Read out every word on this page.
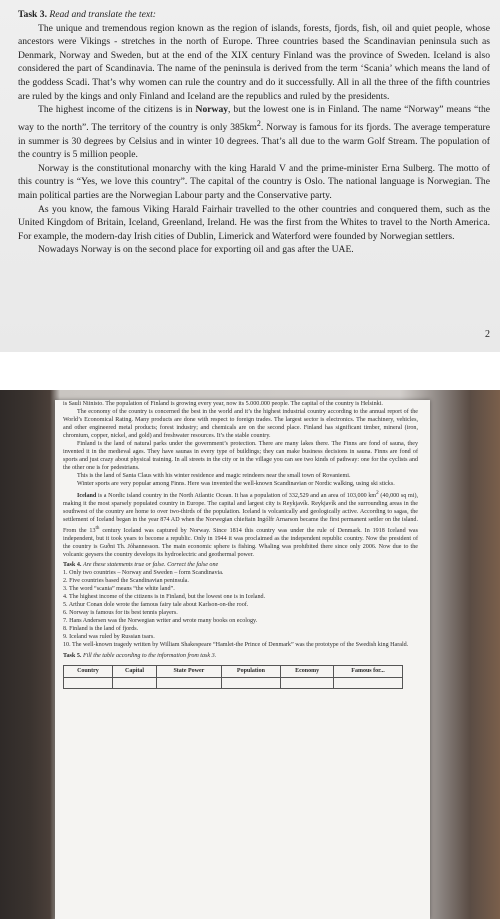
Task 3. Read and translate the text:

The unique and tremendous region known as the region of islands, forests, fjords, fish, oil and quiet people, whose ancestors were Vikings - stretches in the north of Europe. Three countries based the Scandinavian peninsula such as Denmark, Norway and Sweden, but at the end of the XIX century Finland was the province of Sweden. Iceland is also considered the part of Scandinavia. The name of the peninsula is derived from the term ‘Scania’ which means the land of the goddess Scadi. That’s why women can rule the country and do it successfully. All in all the three of the fifth countries are ruled by the kings and only Finland and Iceland are the republics and ruled by the presidents.

The highest income of the citizens is in Norway, but the lowest one is in Finland. The name “Norway” means “the way to the north”. The territory of the country is only $385km^2$. Norway is famous for its fjords. The average temperature in summer is 30 degrees by Celsius and in winter 10 degrees. That’s all due to the warm Golf Stream. The population of the country is 5 million people.

Norway is the constitutional monarchy with the king Harald V and the prime-minister Erna Sulberg. The motto of this country is “Yes, we love this country”. The capital of the country is Oslo. The national language is Norwegian. The main political parties are the Norwegian Labour party and the Conservative party.

As you know, the famous Viking Harald Fairhair travelled to the other countries and conquered them, such as the United Kingdom of Britain, Iceland, Greenland, Ireland. He was the first from the Whites to travel to the North America. For example, the modern-day Irish cities of Dublin, Limerick and Waterford were founded by Norwegian settlers.

Nowadays Norway is on the second place for exporting oil and gas after the UAE.

2

is Sauli Niinisto. The population of Finland is growing every year, now its 5.000.000 people. The capital of the country is Helsinki.

The economy of the country is concerned the best in the world and it’s the highest industrial country according to the annual report of the World’s Economical Rating. Many products are done with respect to foreign trades. The largest sector is electronics. The machinery, vehicles, and other engineered metal products; forest industry; and chemicals are on the second place. Finland has significant timber, mineral (iron, chromium, copper, nickel, and gold) and freshwater resources. It’s the stable country.

Finland is the land of natural parks under the government’s protection. There are many lakes there. The Finns are fond of sauna, they invented it in the medieval ages. They have saunas in every type of buildings; they can make business decisions in sauna. Finns are fond of sports and just crazy about physical training. In all streets in the city or in the village you can see two kinds of pathway: one for the cyclists and the other one is for pedestrians.

This is the land of Santa Claus with his winter residence and magic reindeers near the small town of Rovaniemi.

Winter sports are very popular among Finns. Here was invented the well-known Scandinavian or Nordic walking, using ski sticks.

Iceland is a Nordic island country in the North Atlantic Ocean. It has a population of 332,529 and an area of 103,000 $km^2$ (40,000 sq mi), making it the most sparsely populated country in Europe. The capital and largest city is Reykjavík. Reykjavík and the surrounding areas in the southwest of the country are home to over two-thirds of the population. Iceland is volcanically and geologically active. According to sagas, the settlement of Iceland began in the year 874 AD when the Norwegian chieftain Ingólfr Arnarson became the first permanent settler on the island. From the 13th century Iceland was captured by Norway. Since 1814 this country was under the rule of Denmark. In 1918 Iceland was independent, but it took years to become a republic. Only in 1944 it was proclaimed as the independent republic country. Now the president of the country is Guðni Th. Jóhannesson. The main economic sphere is fishing. Whaling was prohibited there since only 2006. Now due to the volcanic geysers the country develops its hydroelectric and geothermal power.

Task 4. Are these statements true or false. Correct the false one

1. Only two countries – Norway and Sweden – form Scandinavia.
2. Five countries based the Scandinavian peninsula.
3. The word “scania” means “the white land”.
4. The highest income of the citizens is in Finland, but the lowest one is in Iceland.
5. Arthur Conan dole wrote the famous fairy tale about Karlson-on-the roof.
6. Norway is famous for its best tennis players.
7. Hans Andersen was the Norwegian writer and wrote many books on ecology.
8. Finland is the land of fjords.
9. Iceland was ruled by Russian tsars.
10. The well-known tragedy written by William Shakespeare “Hamlet-the Prince of Denmark” was the prototype of the Swedish king Harald.

Task 5. Fill the table according to the information from task 3.

Country	Capital	State Power	Population	Economy	Famous for...
